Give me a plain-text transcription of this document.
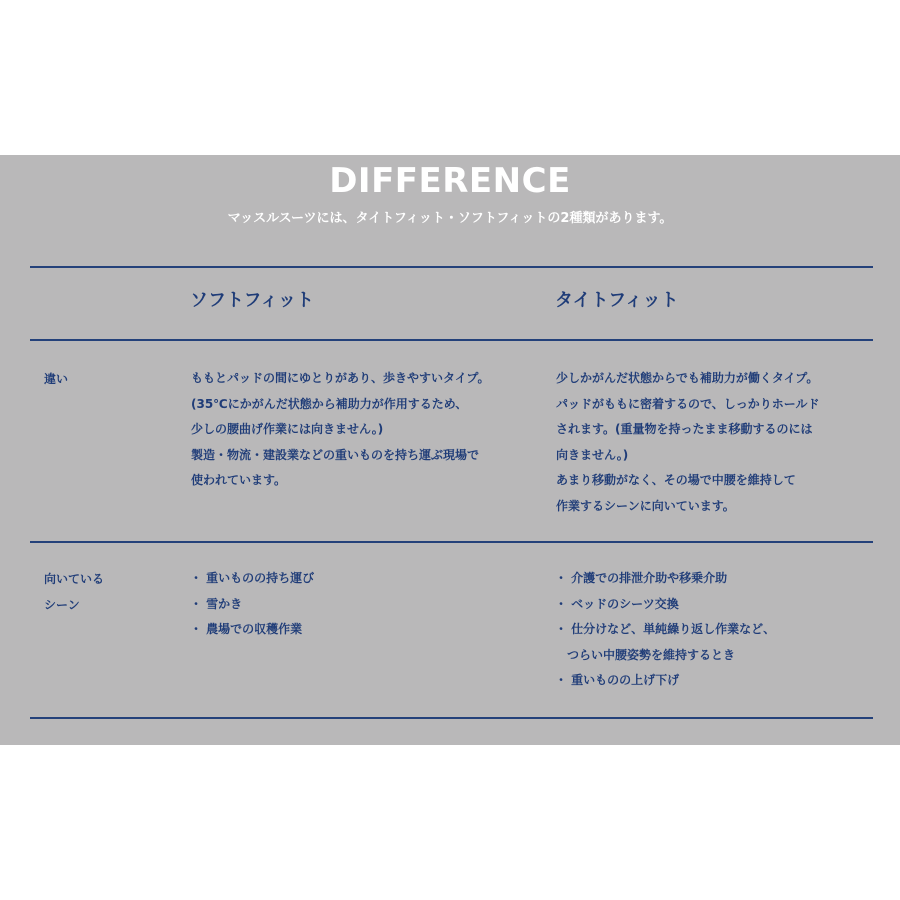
DIFFERENCE
マッスルスーツには、タイトフィット・ソフトフィットの2種類があります。
ソフトフィット	タイトフィット
違い	ももとパッドの間にゆとりがあり、歩きやすいタイプ。
(35℃にかがんだ状態から補助力が作用するため、
少しの腰曲げ作業には向きません。)
製造・物流・建設業などの重いものを持ち運ぶ現場で
使われています。
少しかがんだ状態からでも補助力が働くタイプ。
パッドがももに密着するので、しっかりホールド
されます。(重量物を持ったまま移動するのには
向きません。)
あまり移動がなく、その場で中腰を維持して
作業するシーンに向いています。
向いている
シーン
・ 重いものの持ち運び
・ 雪かき
・ 農場での収穫作業
・ 介護での排泄介助や移乗介助
・ ベッドのシーツ交換
・ 仕分けなど、単純繰り返し作業など、
　つらい中腰姿勢を維持するとき
・ 重いものの上げ下げ
